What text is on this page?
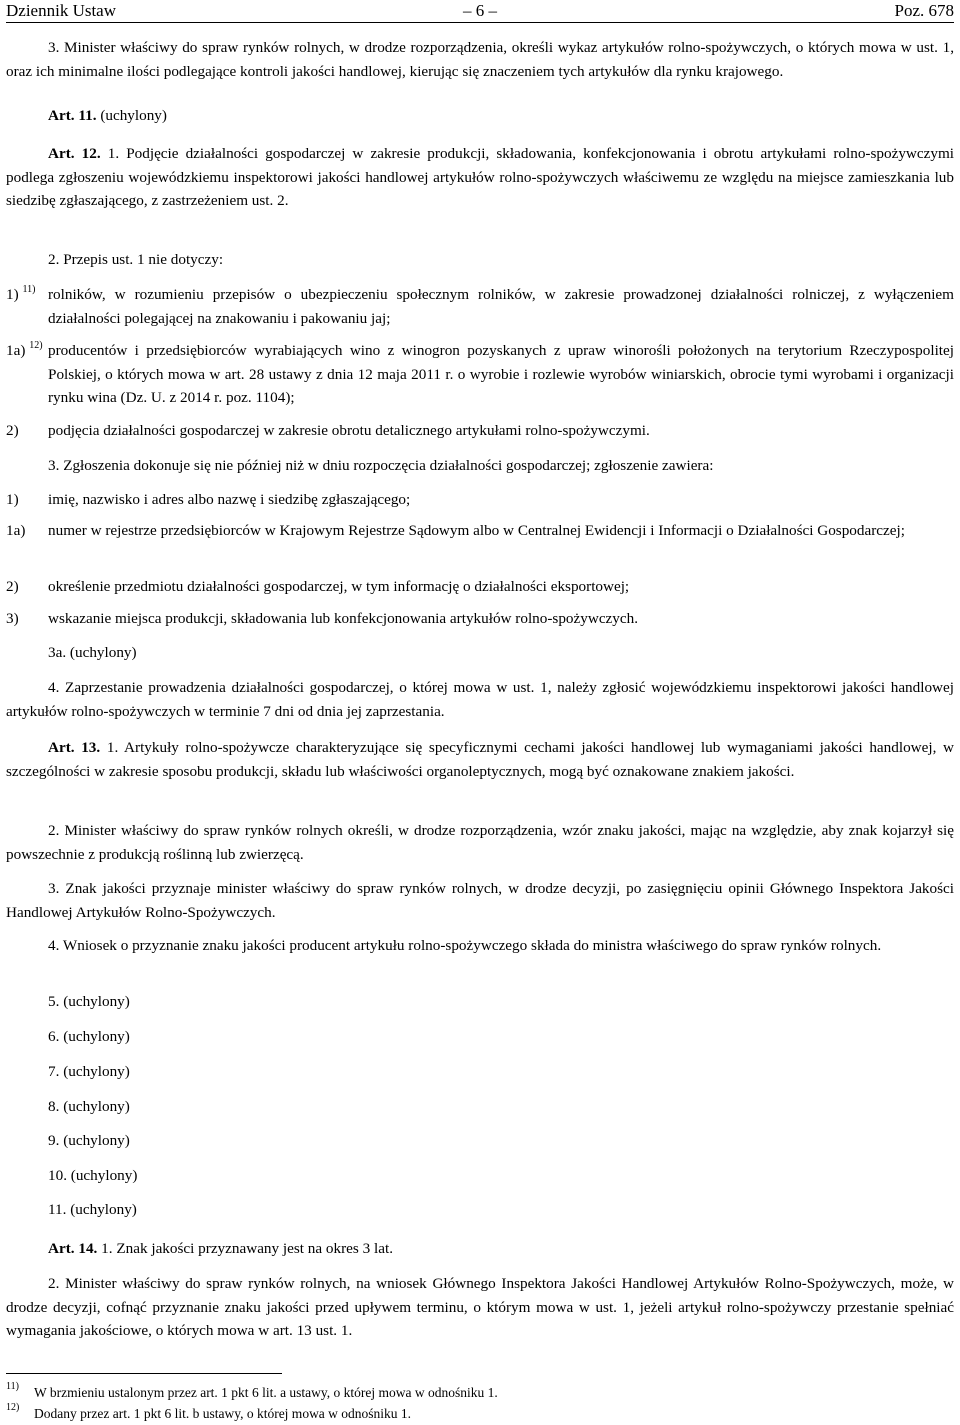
Dziennik Ustaw	– 6 –	Poz. 678
3. Minister właściwy do spraw rynków rolnych, w drodze rozporządzenia, określi wykaz artykułów rolno-spożywczych, o których mowa w ust. 1, oraz ich minimalne ilości podlegające kontroli jakości handlowej, kierując się znaczeniem tych artykułów dla rynku krajowego.
Art. 11. (uchylony)
Art. 12. 1. Podjęcie działalności gospodarczej w zakresie produkcji, składowania, konfekcjonowania i obrotu artykułami rolno-spożywczymi podlega zgłoszeniu wojewódzkiemu inspektorowi jakości handlowej artykułów rolno-spożywczych właściwemu ze względu na miejsce zamieszkania lub siedzibę zgłaszającego, z zastrzeżeniem ust. 2.
2. Przepis ust. 1 nie dotyczy:
1) $^{11)}$ rolników, w rozumieniu przepisów o ubezpieczeniu społecznym rolników, w zakresie prowadzonej działalności rolniczej, z wyłączeniem działalności polegającej na znakowaniu i pakowaniu jaj;
1a) $^{12)}$ producentów i przedsiębiorców wyrabiających wino z winogron pozyskanych z upraw winorośli położonych na terytorium Rzeczypospolitej Polskiej, o których mowa w art. 28 ustawy z dnia 12 maja 2011 r. o wyrobie i rozlewie wyrobów winiarskich, obrocie tymi wyrobami i organizacji rynku wina (Dz. U. z 2014 r. poz. 1104);
2) podjęcia działalności gospodarczej w zakresie obrotu detalicznego artykułami rolno-spożywczymi.
3. Zgłoszenia dokonuje się nie później niż w dniu rozpoczęcia działalności gospodarczej; zgłoszenie zawiera:
1) imię, nazwisko i adres albo nazwę i siedzibę zgłaszającego;
1a) numer w rejestrze przedsiębiorców w Krajowym Rejestrze Sądowym albo w Centralnej Ewidencji i Informacji o Działalności Gospodarczej;
2) określenie przedmiotu działalności gospodarczej, w tym informację o działalności eksportowej;
3) wskazanie miejsca produkcji, składowania lub konfekcjonowania artykułów rolno-spożywczych.
3a. (uchylony)
4. Zaprzestanie prowadzenia działalności gospodarczej, o której mowa w ust. 1, należy zgłosić wojewódzkiemu inspektorowi jakości handlowej artykułów rolno-spożywczych w terminie 7 dni od dnia jej zaprzestania.
Art. 13. 1. Artykuły rolno-spożywcze charakteryzujące się specyficznymi cechami jakości handlowej lub wymaganiami jakości handlowej, w szczególności w zakresie sposobu produkcji, składu lub właściwości organoleptycznych, mogą być oznakowane znakiem jakości.
2. Minister właściwy do spraw rynków rolnych określi, w drodze rozporządzenia, wzór znaku jakości, mając na względzie, aby znak kojarzył się powszechnie z produkcją roślinną lub zwierzęcą.
3. Znak jakości przyznaje minister właściwy do spraw rynków rolnych, w drodze decyzji, po zasięgnięciu opinii Głównego Inspektora Jakości Handlowej Artykułów Rolno-Spożywczych.
4. Wniosek o przyznanie znaku jakości producent artykułu rolno-spożywczego składa do ministra właściwego do spraw rynków rolnych.
5. (uchylony)
6. (uchylony)
7. (uchylony)
8. (uchylony)
9. (uchylony)
10. (uchylony)
11. (uchylony)
Art. 14. 1. Znak jakości przyznawany jest na okres 3 lat.
2. Minister właściwy do spraw rynków rolnych, na wniosek Głównego Inspektora Jakości Handlowej Artykułów Rolno-Spożywczych, może, w drodze decyzji, cofnąć przyznanie znaku jakości przed upływem terminu, o którym mowa w ust. 1, jeżeli artykuł rolno-spożywczy przestanie spełniać wymagania jakościowe, o których mowa w art. 13 ust. 1.
11) W brzmieniu ustalonym przez art. 1 pkt 6 lit. a ustawy, o której mowa w odnośniku 1.
12) Dodany przez art. 1 pkt 6 lit. b ustawy, o której mowa w odnośniku 1.
